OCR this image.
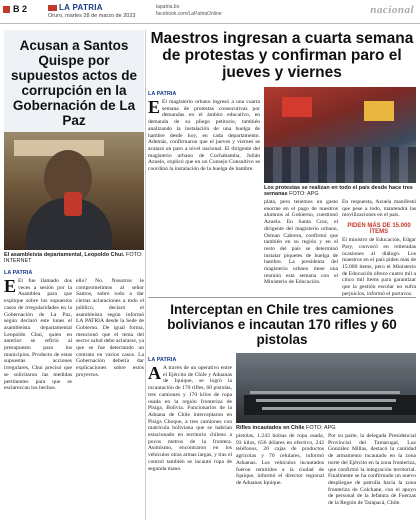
B 2	LA PATRIA
Oruro, martes 28 de marzo de 2023
lapatria.bo
facebook.com/LaPatriaOnline	nacional
Acusan a Santos Quispe por supuestos actos de corrupción en la Gobernación de La Paz
El asambleísta departamental, Leopoldo Chui. FOTO: INTERNET
LA PATRIA
E El fue llamado dos veces a sesión por la Asamblea para que explique sobre los supuestos casos de irregularidades en la Gobernación de La Paz, según declaró este lunes el asambleísta departamental Leopoldo Chui, quien en anterior se refirió al presupuesto para los municipios. Producto de estas supuestas acciones irregulares, Chui precisó que se solicitaron las medidas pertinentes para que se esclarezcan los hechos.
ello? No. Nosotros le comprometimos al señor Santos, sobre todo a dar ciertas aclaraciones a todo el público, declaró el asambleísta según informó LA PATRIA desde la Sede de Gobierno. De igual forma, mencionó que el tema del sector salud debe aclararse, ya que se fue detectando un contrato en varios casos. La Gobernación debería dar explicaciones sobre estos proyectos.
Maestros ingresan a cuarta semana de protestas y confirman paro el jueves y viernes
LA PATRIA
E El magisterio urbano ingresó a una cuarta semana de protestas consecutivas por demandas en el ámbito educativo, en demanda de su pliego petitorio, también analizando la instalación de una huelga de hambre desde hoy, en cada departamento. Además, confirmaron que el jueves y viernes se acatará un paro a nivel nacional. El dirigente del magisterio urbano de Cochabamba, Julián Azuelo, explicó que en un Consejo Consultivo se coordinó la instalación de la huelga de hambre.
Los protestas se realizan en todo el país desde hace tres semanas FOTO: APG
plata, pero tenemos un gasto enorme en el pago de nuestros alumnos al Gobierno, cuestionó Azuela. En Santa Cruz, el dirigente del magisterio urbano, Osman Cabrera, confirmó que también en su región y en el resto del país se determinó instalar piquetes de huelga de hambre. La presidenta del magisterio urbano tiene una reunión esta semana con el Ministerio de Educación.
En respuesta, Azuela manifestó que pese a todo, mantendrá las movilizaciones en el país.
PIDEN MÁS DE 15.000 ÍTEMS
El ministro de Educación, Edgar Pary, convocó en reiteradas ocasiones al diálogo. Los maestros en el país piden más de 15.000 ítems, pero el Ministerio de Educación ofrece cuatro mil a cinco mil ítems para garantizar que la gestión escolar no sufra perjuicios, informó el portavoz.
Interceptan en Chile tres camiones bolivianos e incautan 170 rifles y 60 pistolas
LA PATRIA
A A través de un operativo entre el Ejército de Chile y Aduanas de Iquique, se logró la incautación de 170 rifles, 60 pistolas, tres camiones y 170 kilos de ropa usada en la región fronteriza de Pisiga, Bolivia. Funcionarios de la Aduana de Chile interceptaron en Pisiga Choque, a tres camiones con matrícula boliviana que se habrían estacionado en territorio chileno a pocos metros de la frontera. Asimismo, encontraron en los vehículos otras armas largas, y tras el control también se incautó ropa de segunda mano.
Rifles incautados en Chile FOTO: APG
pistolas, 1.243 bolsas de ropa usada, 93 kilos, 656 dólares en efectivo, 242 teléfonos, 20 cajas de productos agrícolas y 70 celulares, informó Aduanas. Los vehículos incautados fueron remitidos a la ciudad de Iquique, informó el director regional de Aduanas Iquique.
Por su parte, la delegada Presidencial Provincial del Tamarugal, Luz González Millas, destacó la cantidad de armamento incautado en la zona norte del Ejército en la zona fronteriza, que confirmó la integración territorial. Finalmente se ha confirmado un nuevo despliegue de patrulla hacia la zona fronteriza de Colchane, con el apoyo de personal de la Jefatura de Fuerzas de la Región de Tarapacá, Chile.
